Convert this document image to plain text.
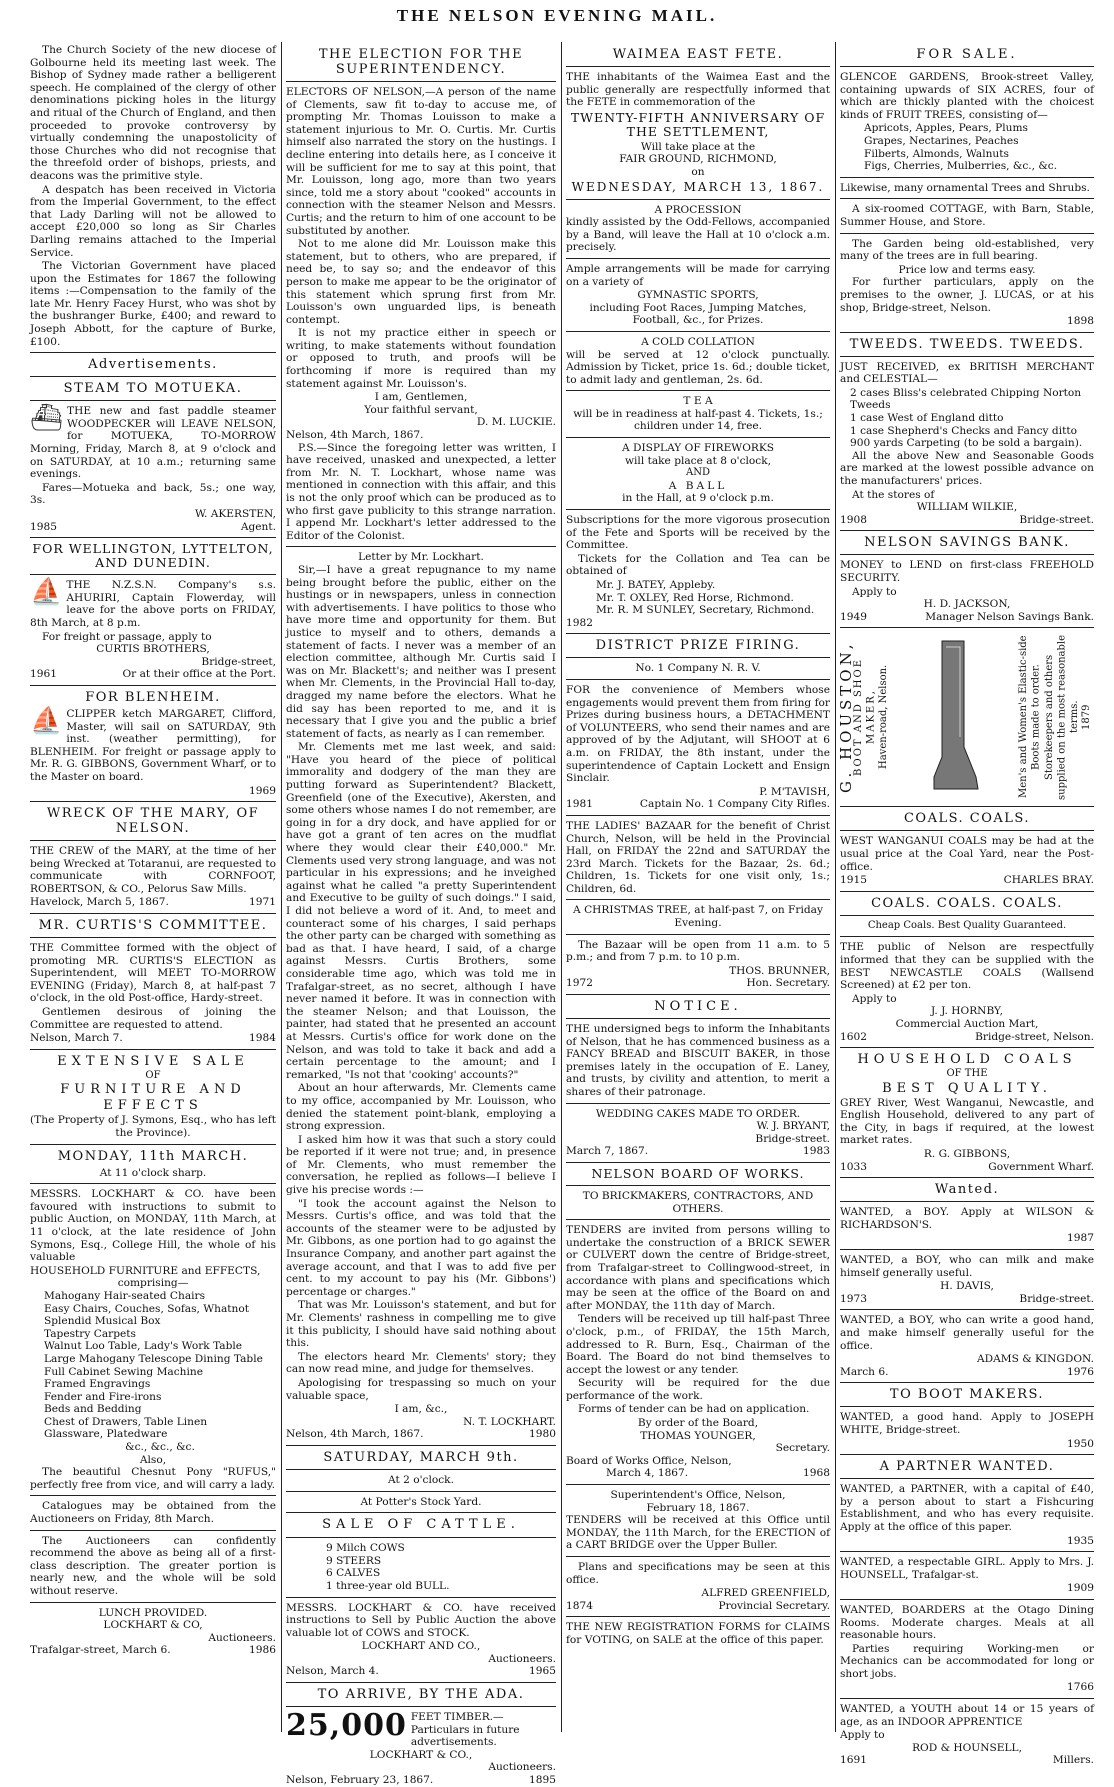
THE NELSON EVENING MAIL.

The Church Society of the new diocese of Golbourne held its meeting last week. The Bishop of Sydney made rather a belligerent speech. He complained of the clergy of other denominations picking holes in the liturgy and ritual of the Church of England, and then proceeded to provoke controversy by virtually condemning the unapostolicity of those Churches who did not recognise that the threefold order of bishops, priests, and deacons was the primitive style.

A despatch has been received in Victoria from the Imperial Government, to the effect that Lady Darling will not be allowed to accept £20,000 so long as Sir Charles Darling remains attached to the Imperial Service.

The Victorian Government have placed upon the Estimates for 1867 the following items :—Compensation to the family of the late Mr. Henry Facey Hurst, who was shot by the bushranger Burke, £400; and reward to Joseph Abbott, for the capture of Burke, £100.

Advertisements.
STEAM TO MOTUEKA.

⛴ THE new and fast paddle steamer WOODPECKER will LEAVE NELSON, for MOTUEKA, TO-MORROW Morning, Friday, March 8, at 9 o'clock and on SATURDAY, at 10 a.m.; returning same evenings.

Fares—Motueka and back, 5s.; one way, 3s.

W. AKERSTEN,
1985	Agent.
FOR WELLINGTON, LYTTELTON, AND DUNEDIN.

⛵ THE N.Z.S.N. Company's s.s. AHURIRI, Captain Flowerday, will leave for the above ports on FRIDAY, 8th March, at 8 p.m.

For freight or passage, apply to
CURTIS BROTHERS,
Bridge-street,
1961	Or at their office at the Port.
FOR BLENHEIM.

⛵ CLIPPER ketch MARGARET, Clifford, Master, will sail on SATURDAY, 9th inst. (weather permitting), for BLENHEIM. For freight or passage apply to Mr. R. G. GIBBONS, Government Wharf, or to the Master on board.

1969
WRECK OF THE MARY, OF NELSON.

THE CREW of the MARY, at the time of her being Wrecked at Totaranui, are requested to communicate with CORNFOOT, ROBERTSON, & CO., Pelorus Saw Mills.

Havelock, March 5, 1867.	1971
MR. CURTIS'S COMMITTEE.

THE Committee formed with the object of promoting MR. CURTIS'S ELECTION as Superintendent, will MEET TO-MORROW EVENING (Friday), March 8, at half-past 7 o'clock, in the old Post-office, Hardy-street.

Gentlemen desirous of joining the Committee are requested to attend.

Nelson, March 7.	1984
EXTENSIVE SALE
OF
FURNITURE AND EFFECTS
(The Property of J. Symons, Esq., who has left the Province).
MONDAY, 11th MARCH.
At 11 o'clock sharp.

MESSRS. LOCKHART & CO. have been favoured with instructions to submit to public Auction, on MONDAY, 11th March, at 11 o'clock, at the late residence of John Symons, Esq., College Hill, the whole of his valuable

HOUSEHOLD FURNITURE and EFFECTS,
comprising—
Mahogany Hair-seated Chairs
Easy Chairs, Couches, Sofas, Whatnot
Splendid Musical Box
Tapestry Carpets
Walnut Loo Table, Lady's Work Table
Large Mahogany Telescope Dining Table
Full Cabinet Sewing Machine
Framed Engravings
Fender and Fire-irons
Beds and Bedding
Chest of Drawers, Table Linen
Glassware, Platedware
&c., &c., &c.
Also,

The beautiful Chesnut Pony "RUFUS," perfectly free from vice, and will carry a lady.

Catalogues may be obtained from the Auctioneers on Friday, 8th March.

The Auctioneers can confidently recommend the above as being all of a first-class description. The greater portion is nearly new, and the whole will be sold without reserve.

LUNCH PROVIDED.
LOCKHART & CO,
Auctioneers.
Trafalgar-street, March 6.	1986
THE ELECTION FOR THE SUPERINTENDENCY.

ELECTORS OF NELSON,—A person of the name of Clements, saw fit to-day to accuse me, of prompting Mr. Thomas Louisson to make a statement injurious to Mr. O. Curtis. Mr. Curtis himself also narrated the story on the hustings. I decline entering into details here, as I conceive it will be sufficient for me to say at this point, that Mr. Louisson, long ago, more than two years since, told me a story about "cooked" accounts in connection with the steamer Nelson and Messrs. Curtis; and the return to him of one account to be substituted by another.

Not to me alone did Mr. Louisson make this statement, but to others, who are prepared, if need be, to say so; and the endeavor of this person to make me appear to be the originator of this statement which sprung first from Mr. Louisson's own unguarded lips, is beneath contempt.

It is not my practice either in speech or writing, to make statements without foundation or opposed to truth, and proofs will be forthcoming if more is required than my statement against Mr. Louisson's.

I am, Gentlemen,
Your faithful servant,
D. M. LUCKIE.
Nelson, 4th March, 1867.

P.S.—Since the foregoing letter was written, I have received, unasked and unexpected, a letter from Mr. N. T. Lockhart, whose name was mentioned in connection with this affair, and this is not the only proof which can be produced as to who first gave publicity to this strange narration. I append Mr. Lockhart's letter addressed to the Editor of the Colonist.

Letter by Mr. Lockhart.

Sir,—I have a great repugnance to my name being brought before the public, either on the hustings or in newspapers, unless in connection with advertisements. I have politics to those who have more time and opportunity for them. But justice to myself and to others, demands a statement of facts. I never was a member of an election committee, although Mr. Curtis said I was on Mr. Blackett's; and neither was I present when Mr. Clements, in the Provincial Hall to-day, dragged my name before the electors. What he did say has been reported to me, and it is necessary that I give you and the public a brief statement of facts, as nearly as I can remember.

Mr. Clements met me last week, and said: "Have you heard of the piece of political immorality and dodgery of the man they are putting forward as Superintendent? Blackett, Greenfield (one of the Executive), Akersten, and some others whose names I do not remember, are going in for a dry dock, and have applied for or have got a grant of ten acres on the mudflat where they would clear their £40,000." Mr. Clements used very strong language, and was not particular in his expressions; and he inveighed against what he called "a pretty Superintendent and Executive to be guilty of such doings." I said, I did not believe a word of it. And, to meet and counteract some of his charges, I said perhaps the other party can be charged with something as bad as that. I have heard, I said, of a charge against Messrs. Curtis Brothers, some considerable time ago, which was told me in Trafalgar-street, as no secret, although I have never named it before. It was in connection with the steamer Nelson; and that Louisson, the painter, had stated that he presented an account at Messrs. Curtis's office for work done on the Nelson, and was told to take it back and add a certain percentage to the amount; and I remarked, "Is not that 'cooking' accounts?"

About an hour afterwards, Mr. Clements came to my office, accompanied by Mr. Louisson, who denied the statement point-blank, employing a strong expression.

I asked him how it was that such a story could be reported if it were not true; and, in presence of Mr. Clements, who must remember the conversation, he replied as follows—I believe I give his precise words :—

"I took the account against the Nelson to Messrs. Curtis's office, and was told that the accounts of the steamer were to be adjusted by Mr. Gibbons, as one portion had to go against the Insurance Company, and another part against the average account, and that I was to add five per cent. to my account to pay his (Mr. Gibbons') percentage or charges."

That was Mr. Louisson's statement, and but for Mr. Clements' rashness in compelling me to give it this publicity, I should have said nothing about this.

The electors heard Mr. Clements' story; they can now read mine, and judge for themselves.

Apologising for trespassing so much on your valuable space,

I am, &c.,
N. T. LOCKHART.
Nelson, 4th March, 1867.	1980
SATURDAY, MARCH 9th.
At 2 o'clock.
At Potter's Stock Yard.
SALE OF CATTLE.
9 Milch COWS
9 STEERS
6 CALVES
1 three-year old BULL.

MESSRS. LOCKHART & CO. have received instructions to Sell by Public Auction the above valuable lot of COWS and STOCK.

LOCKHART AND CO.,
Auctioneers.
Nelson, March 4.	1965
TO ARRIVE, BY THE ADA.
25,000 FEET TIMBER.—Particulars in future advertisements.
LOCKHART & CO.,
Auctioneers.
Nelson, February 23, 1867.	1895
WAIMEA EAST FETE.

THE inhabitants of the Waimea East and the public generally are respectfully informed that the FETE in commemoration of the

TWENTY-FIFTH ANNIVERSARY OF THE SETTLEMENT,
Will take place at the
FAIR GROUND, RICHMOND,
on
WEDNESDAY, MARCH 13, 1867.
A PROCESSION

kindly assisted by the Odd-Fellows, accompanied by a Band, will leave the Hall at 10 o'clock a.m. precisely.

Ample arrangements will be made for carrying on a variety of

GYMNASTIC SPORTS,
including Foot Races, Jumping Matches, Football, &c., for Prizes.
A COLD COLLATION

will be served at 12 o'clock punctually. Admission by Ticket, price 1s. 6d.; double ticket, to admit lady and gentleman, 2s. 6d.

T E A
will be in readiness at half-past 4. Tickets, 1s.; children under 14, free.
A DISPLAY OF FIREWORKS
will take place at 8 o'clock,
AND
A BALL
in the Hall, at 9 o'clock p.m.

Subscriptions for the more vigorous prosecution of the Fete and Sports will be received by the Committee.

Tickets for the Collation and Tea can be obtained of

Mr. J. BATEY, Appleby.
Mr. T. OXLEY, Red Horse, Richmond.
Mr. R. M SUNLEY, Secretary, Richmond.
1982
DISTRICT PRIZE FIRING.
No. 1 Company N. R. V.

FOR the convenience of Members whose engagements would prevent them from firing for Prizes during business hours, a DETACHMENT of VOLUNTEERS, who send their names and are approved of by the Adjutant, will SHOOT at 6 a.m. on FRIDAY, the 8th instant, under the superintendence of Captain Lockett and Ensign Sinclair.

P. M'TAVISH,
1981	Captain No. 1 Company City Rifles.

THE LADIES' BAZAAR for the benefit of Christ Church, Nelson, will be held in the Provincial Hall, on FRIDAY the 22nd and SATURDAY the 23rd March. Tickets for the Bazaar, 2s. 6d.; Children, 1s. Tickets for one visit only, 1s.; Children, 6d.

A CHRISTMAS TREE, at half-past 7, on Friday Evening.

The Bazaar will be open from 11 a.m. to 5 p.m.; and from 7 p.m. to 10 p.m.

THOS. BRUNNER,
1972	Hon. Secretary.
NOTICE.

THE undersigned begs to inform the Inhabitants of Nelson, that he has commenced business as a FANCY BREAD and BISCUIT BAKER, in those premises lately in the occupation of E. Laney, and trusts, by civility and attention, to merit a shares of their patronage.

WEDDING CAKES MADE TO ORDER.
W. J. BRYANT,
Bridge-street.
March 7, 1867.	1983
NELSON BOARD OF WORKS.
TO BRICKMAKERS, CONTRACTORS, AND OTHERS.

TENDERS are invited from persons willing to undertake the construction of a BRICK SEWER or CULVERT down the centre of Bridge-street, from Trafalgar-street to Collingwood-street, in accordance with plans and specifications which may be seen at the office of the Board on and after MONDAY, the 11th day of March.

Tenders will be received up till half-past Three o'clock, p.m., of FRIDAY, the 15th March, addressed to R. Burn, Esq., Chairman of the Board. The Board do not bind themselves to accept the lowest or any tender.

Security will be required for the due performance of the work.

Forms of tender can be had on application.

By order of the Board,
THOMAS YOUNGER,
Secretary.
Board of Works Office, Nelson,
March 4, 1867.	1968
Superintendent's Office, Nelson,
February 18, 1867.

TENDERS will be received at this Office until MONDAY, the 11th March, for the ERECTION of a CART BRIDGE over the Upper Buller.

Plans and specifications may be seen at this office.

ALFRED GREENFIELD,
1874	Provincial Secretary.

THE NEW REGISTRATION FORMS for CLAIMS for VOTING, on SALE at the office of this paper.

FOR SALE.

GLENCOE GARDENS, Brook-street Valley, containing upwards of SIX ACRES, four of which are thickly planted with the choicest kinds of FRUIT TREES, consisting of—

Apricots, Apples, Pears, Plums
Grapes, Nectarines, Peaches
Filberts, Almonds, Walnuts
Figs, Cherries, Mulberries, &c., &c.
Likewise, many ornamental Trees and Shrubs.

A six-roomed COTTAGE, with Barn, Stable, Summer House, and Store.

The Garden being old-established, very many of the trees are in full bearing.

Price low and terms easy.

For further particulars, apply on the premises to the owner, J. LUCAS, or at his shop, Bridge-street, Nelson.

1898
TWEEDS. TWEEDS. TWEEDS.

JUST RECEIVED, ex BRITISH MERCHANT and CELESTIAL—

2 cases Bliss's celebrated Chipping Norton Tweeds
1 case West of England ditto
1 case Shepherd's Checks and Fancy ditto
900 yards Carpeting (to be sold a bargain).

All the above New and Seasonable Goods are marked at the lowest possible advance on the manufacturers' prices.

At the stores of
WILLIAM WILKIE,
1908	Bridge-street.
NELSON SAVINGS BANK.

MONEY to LEND on first-class FREEHOLD SECURITY.

Apply to
H. D. JACKSON,
1949	Manager Nelson Savings Bank.
G. HOUSTON,
BOOT AND SHOE MAKER, Haven-road, Nelson.	Men's and Women's Elastic-side Boots made to order. Storekeepers and others supplied on the most reasonable terms. 1879
COALS. COALS.

WEST WANGANUI COALS may be had at the usual price at the Coal Yard, near the Post-office.

1915	CHARLES BRAY.
COALS. COALS. COALS.
Cheap Coals. Best Quality Guaranteed.

THE public of Nelson are respectfully informed that they can be supplied with the BEST NEWCASTLE COALS (Wallsend Screened) at £2 per ton.

Apply to
J. J. HORNBY,
Commercial Auction Mart,
1602	Bridge-street, Nelson.
HOUSEHOLD COALS
OF THE
BEST QUALITY.

GREY River, West Wanganui, Newcastle, and English Household, delivered to any part of the City, in bags if required, at the lowest market rates.

R. G. GIBBONS,
1033	Government Wharf.
Wanted.

WANTED, a BOY. Apply at WILSON & RICHARDSON'S.

1987

WANTED, a BOY, who can milk and make himself generally useful.

H. DAVIS,
1973	Bridge-street.

WANTED, a BOY, who can write a good hand, and make himself generally useful for the office.

ADAMS & KINGDON.
March 6.	1976
TO BOOT MAKERS.

WANTED, a good hand. Apply to JOSEPH WHITE, Bridge-street.

1950
A PARTNER WANTED.

WANTED, a PARTNER, with a capital of £40, by a person about to start a Fishcuring Establishment, and who has every requisite. Apply at the office of this paper.

1935

WANTED, a respectable GIRL. Apply to Mrs. J. HOUNSELL, Trafalgar-st.

1909

WANTED, BOARDERS at the Otago Dining Rooms. Moderate charges. Meals at all reasonable hours.

Parties requiring Working-men or Mechanics can be accommodated for long or short jobs.

1766

WANTED, a YOUTH about 14 or 15 years of age, as an INDOOR APPRENTICE

Apply to
ROD & HOUNSELL,
1691	Millers.
